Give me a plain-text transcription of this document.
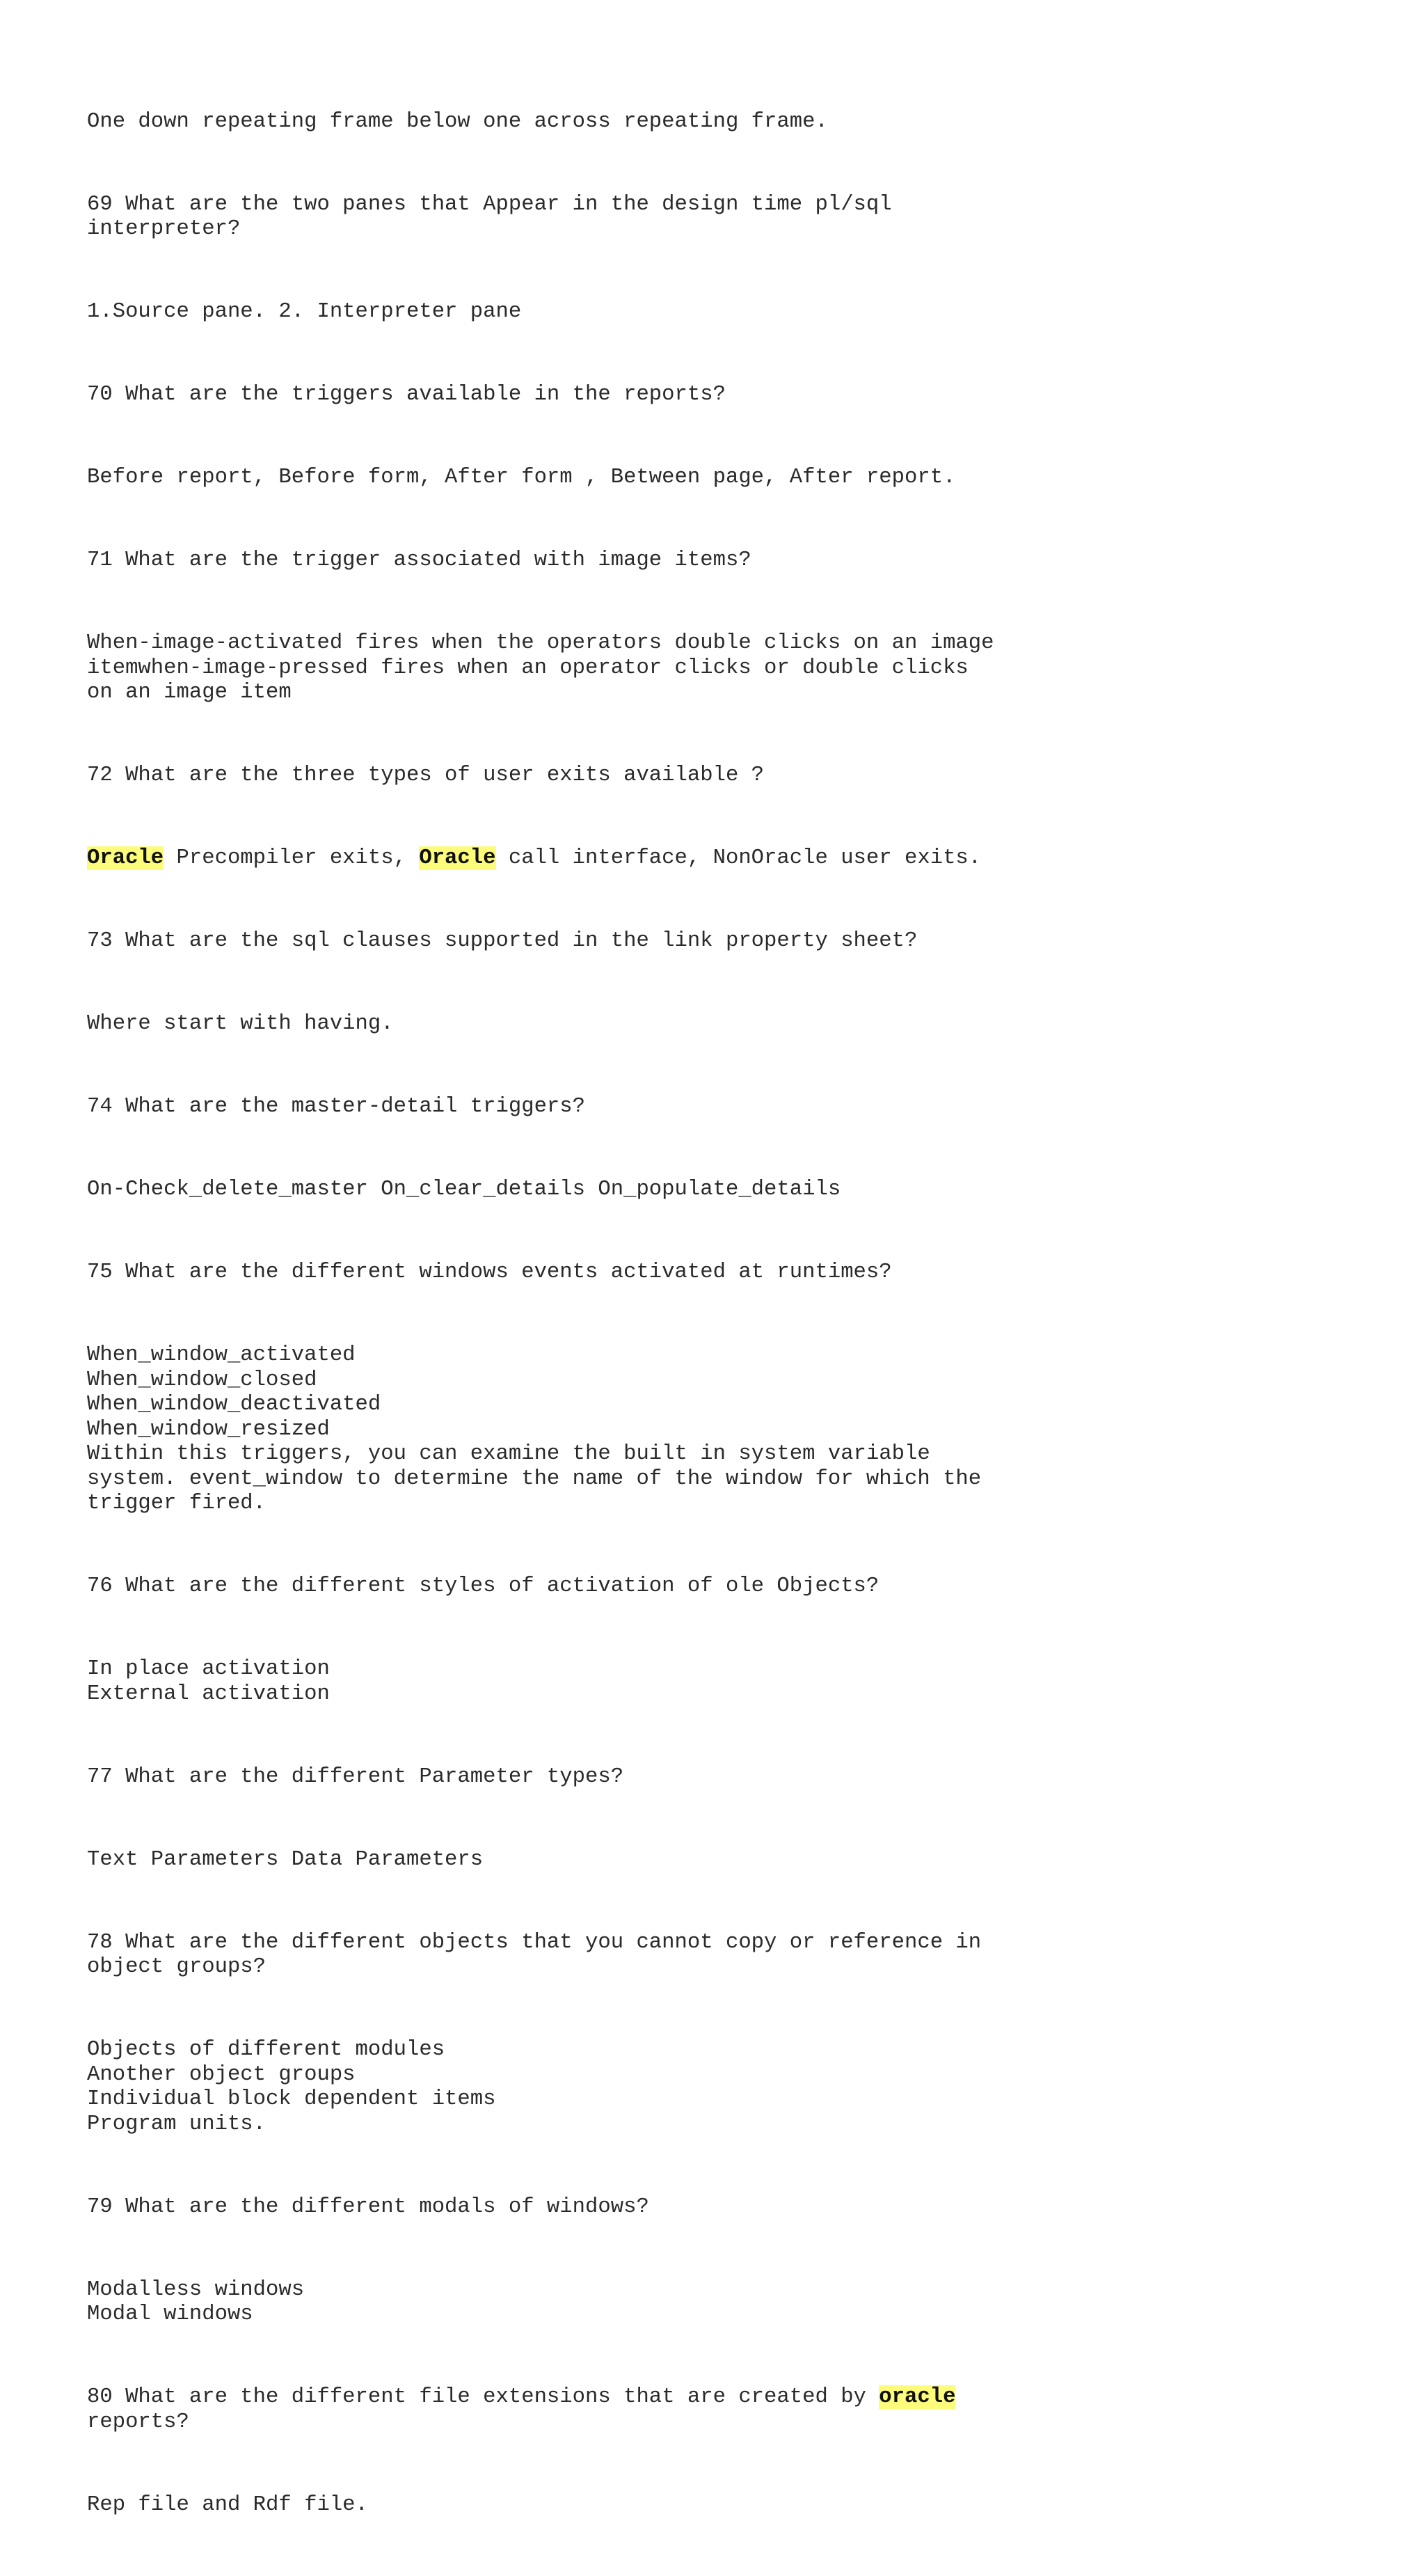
One down repeating frame below one across repeating frame.

69 What are the two panes that Appear in the design time pl/sql
interpreter?

1.Source pane. 2. Interpreter pane

70 What are the triggers available in the reports?

Before report, Before form, After form , Between page, After report.

71 What are the trigger associated with image items?

When-image-activated fires when the operators double clicks on an image
itemwhen-image-pressed fires when an operator clicks or double clicks
on an image item

72 What are the three types of user exits available ?

Oracle Precompiler exits, Oracle call interface, NonOracle user exits.

73 What are the sql clauses supported in the link property sheet?

Where start with having.

74 What are the master-detail triggers?

On-Check_delete_master On_clear_details On_populate_details

75 What are the different windows events activated at runtimes?

When_window_activated
When_window_closed
When_window_deactivated
When_window_resized
Within this triggers, you can examine the built in system variable
system. event_window to determine the name of the window for which the
trigger fired.

76 What are the different styles of activation of ole Objects?

In place activation
External activation

77 What are the different Parameter types?

Text Parameters Data Parameters

78 What are the different objects that you cannot copy or reference in
object groups?

Objects of different modules
Another object groups
Individual block dependent items
Program units.

79 What are the different modals of windows?

Modalless windows
Modal windows

80 What are the different file extensions that are created by oracle
reports?

Rep file and Rdf file.
